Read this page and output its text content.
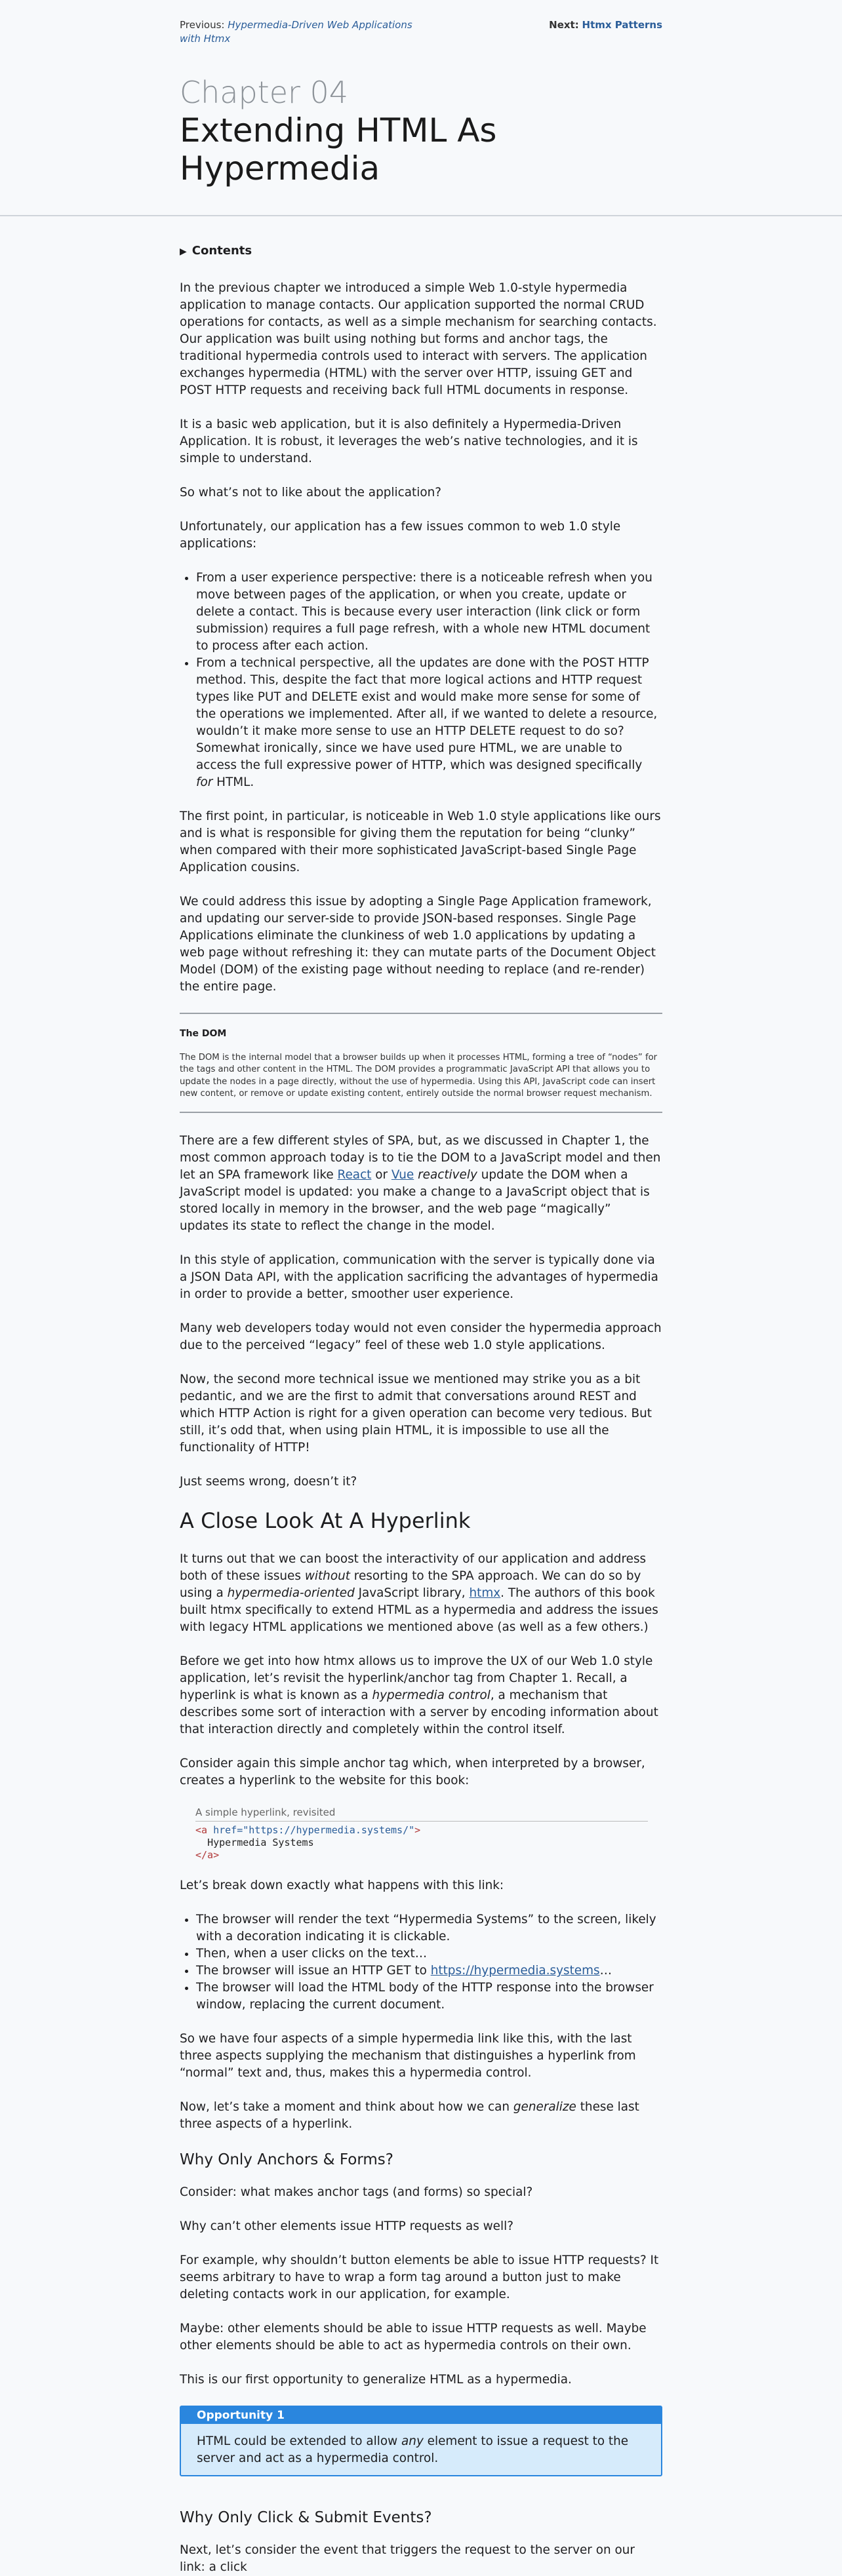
Previous: Hypermedia-Driven Web Applications with Htmx
Next: Htmx Patterns
Chapter 04
Extending HTML As Hypermedia
▶ Contents

In the previous chapter we introduced a simple Web 1.0-style hypermedia application to manage contacts. Our application supported the normal CRUD operations for contacts, as well as a simple mechanism for searching contacts. Our application was built using nothing but forms and anchor tags, the traditional hypermedia controls used to interact with servers. The application exchanges hypermedia (HTML) with the server over HTTP, issuing GET and POST HTTP requests and receiving back full HTML documents in response.

It is a basic web application, but it is also definitely a Hypermedia-Driven Application. It is robust, it leverages the web’s native technologies, and it is simple to understand.

So what’s not to like about the application?

Unfortunately, our application has a few issues common to web 1.0 style applications:

• From a user experience perspective: there is a noticeable refresh when you move between pages of the application, or when you create, update or delete a contact. This is because every user interaction (link click or form submission) requires a full page refresh, with a whole new HTML document to process after each action.
• From a technical perspective, all the updates are done with the POST HTTP method. This, despite the fact that more logical actions and HTTP request types like PUT and DELETE exist and would make more sense for some of the operations we implemented. After all, if we wanted to delete a resource, wouldn’t it make more sense to use an HTTP DELETE request to do so? Somewhat ironically, since we have used pure HTML, we are unable to access the full expressive power of HTTP, which was designed specifically for HTML.

The first point, in particular, is noticeable in Web 1.0 style applications like ours and is what is responsible for giving them the reputation for being “clunky” when compared with their more sophisticated JavaScript-based Single Page Application cousins.

We could address this issue by adopting a Single Page Application framework, and updating our server-side to provide JSON-based responses. Single Page Applications eliminate the clunkiness of web 1.0 applications by updating a web page without refreshing it: they can mutate parts of the Document Object Model (DOM) of the existing page without needing to replace (and re-render) the entire page.

The DOM

The DOM is the internal model that a browser builds up when it processes HTML, forming a tree of “nodes” for the tags and other content in the HTML. The DOM provides a programmatic JavaScript API that allows you to update the nodes in a page directly, without the use of hypermedia. Using this API, JavaScript code can insert new content, or remove or update existing content, entirely outside the normal browser request mechanism.

There are a few different styles of SPA, but, as we discussed in Chapter 1, the most common approach today is to tie the DOM to a JavaScript model and then let an SPA framework like React or Vue reactively update the DOM when a JavaScript model is updated: you make a change to a JavaScript object that is stored locally in memory in the browser, and the web page “magically” updates its state to reflect the change in the model.

In this style of application, communication with the server is typically done via a JSON Data API, with the application sacrificing the advantages of hypermedia in order to provide a better, smoother user experience.

Many web developers today would not even consider the hypermedia approach due to the perceived “legacy” feel of these web 1.0 style applications.

Now, the second more technical issue we mentioned may strike you as a bit pedantic, and we are the first to admit that conversations around REST and which HTTP Action is right for a given operation can become very tedious. But still, it’s odd that, when using plain HTML, it is impossible to use all the functionality of HTTP!

Just seems wrong, doesn’t it?

A Close Look At A Hyperlink

It turns out that we can boost the interactivity of our application and address both of these issues without resorting to the SPA approach. We can do so by using a hypermedia-oriented JavaScript library, htmx. The authors of this book built htmx specifically to extend HTML as a hypermedia and address the issues with legacy HTML applications we mentioned above (as well as a few others.)

Before we get into how htmx allows us to improve the UX of our Web 1.0 style application, let’s revisit the hyperlink/anchor tag from Chapter 1. Recall, a hyperlink is what is known as a hypermedia control, a mechanism that describes some sort of interaction with a server by encoding information about that interaction directly and completely within the control itself.

Consider again this simple anchor tag which, when interpreted by a browser, creates a hyperlink to the website for this book:

A simple hyperlink, revisited
<a href="https://hypermedia.systems/">
Hypermedia Systems
</a>

Let’s break down exactly what happens with this link:

• The browser will render the text “Hypermedia Systems” to the screen, likely with a decoration indicating it is clickable.
• Then, when a user clicks on the text…
• The browser will issue an HTTP GET to https://hypermedia.systems…
• The browser will load the HTML body of the HTTP response into the browser window, replacing the current document.

So we have four aspects of a simple hypermedia link like this, with the last three aspects supplying the mechanism that distinguishes a hyperlink from “normal” text and, thus, makes this a hypermedia control.

Now, let’s take a moment and think about how we can generalize these last three aspects of a hyperlink.

Why Only Anchors & Forms?

Consider: what makes anchor tags (and forms) so special?

Why can’t other elements issue HTTP requests as well?

For example, why shouldn’t button elements be able to issue HTTP requests? It seems arbitrary to have to wrap a form tag around a button just to make deleting contacts work in our application, for example.

Maybe: other elements should be able to issue HTTP requests as well. Maybe other elements should be able to act as hypermedia controls on their own.

This is our first opportunity to generalize HTML as a hypermedia.

Opportunity 1

HTML could be extended to allow any element to issue a request to the server and act as a hypermedia control.

Why Only Click & Submit Events?

Next, let’s consider the event that triggers the request to the server on our link: a click
